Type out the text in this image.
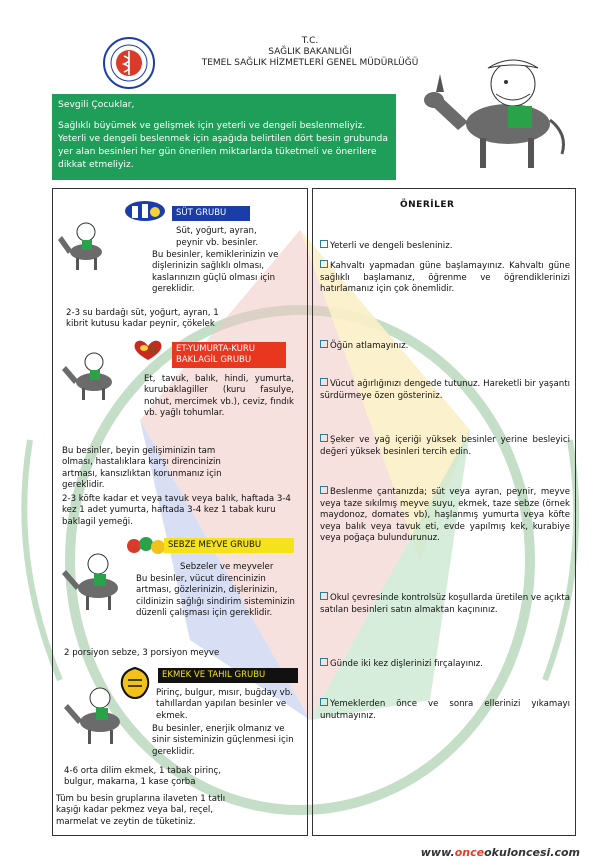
T.C.
SAĞLIK BAKANLIĞI
TEMEL SAĞLIK HİZMETLERİ GENEL MÜDÜRLÜĞÜ

Sevgili Çocuklar,

Sağlıklı büyümek ve gelişmek için yeterli ve dengeli beslenmeliyiz. Yeterli ve dengeli beslenmek için aşağıda belirtilen dört besin grubunda yer alan besinleri her gün önerilen miktarlarda tüketmeli ve önerilere dikkat etmeliyiz.

SÜT GRUBU
Süt, yoğurt, ayran,
peynir vb. besinler.
Bu besinler, kemiklerinizin ve dişlerinizin sağlıklı olması, kaslarınızın güçlü olması için gereklidir.
2-3 su bardağı süt, yoğurt, ayran, 1 kibrit kutusu kadar peynir, çökelek
ET-YUMURTA-KURU BAKLAGİL GRUBU
Et, tavuk, balık, hindi, yumurta, kurubaklagiller (kuru fasulye, nohut, mercimek vb.), ceviz, fındık vb. yağlı tohumlar.
Bu besinler, beyin gelişiminizin tam olması, hastalıklara karşı direncinizin artması, kansızlıktan korunmanız için gereklidir.
2-3 köfte kadar et veya tavuk veya balık, haftada 3-4 kez 1 adet yumurta, haftada 3-4 kez 1 tabak kuru baklagil yemeği.
SEBZE MEYVE GRUBU
Sebzeler ve meyveler
Bu besinler, vücut direncinizin artması, gözlerinizin, dişlerinizin, cildinizin sağlığı sindirim sisteminizin düzenli çalışması için gereklidir.
2 porsiyon sebze, 3 porsiyon meyve
EKMEK VE TAHIL GRUBU
Pirinç, bulgur, mısır, buğday vb. tahıllardan yapılan besinler ve ekmek.
Bu besinler, enerjik olmanız ve sinir sisteminizin güçlenmesi için gereklidir.
4-6 orta dilim ekmek, 1 tabak pirinç, bulgur, makarna, 1 kase çorba
Tüm bu besin gruplarına ilaveten 1 tatlı kaşığı kadar pekmez veya bal, reçel, marmelat ve zeytin de tüketiniz.
ÖNERİLER
Yeterli ve dengeli besleniniz.
Kahvaltı yapmadan güne başlamayınız. Kahvaltı güne sağlıklı başlamanız, öğrenme ve öğrendiklerinizi hatırlamanız için çok önemlidir.
Öğün atlamayınız.
Vücut ağırlığınızı dengede tutunuz. Hareketli bir yaşantı sürdürmeye özen gösteriniz.
Şeker ve yağ içeriği yüksek besinler yerine besleyici değeri yüksek besinleri tercih edin.
Beslenme çantanızda; süt veya ayran, peynir, meyve veya taze sıkılmış meyve suyu, ekmek, taze sebze (örnek maydonoz, domates vb), haşlanmış yumurta veya köfte veya balık veya tavuk eti, evde yapılmış kek, kurabiye veya poğaça bulundurunuz.
Okul çevresinde kontrolsüz koşullarda üretilen ve açıkta satılan besinleri satın almaktan kaçınınız.
Günde iki kez dişlerinizi fırçalayınız.
Yemeklerden önce ve sonra ellerinizi yıkamayı unutmayınız.
www.onceokuloncesi.com
